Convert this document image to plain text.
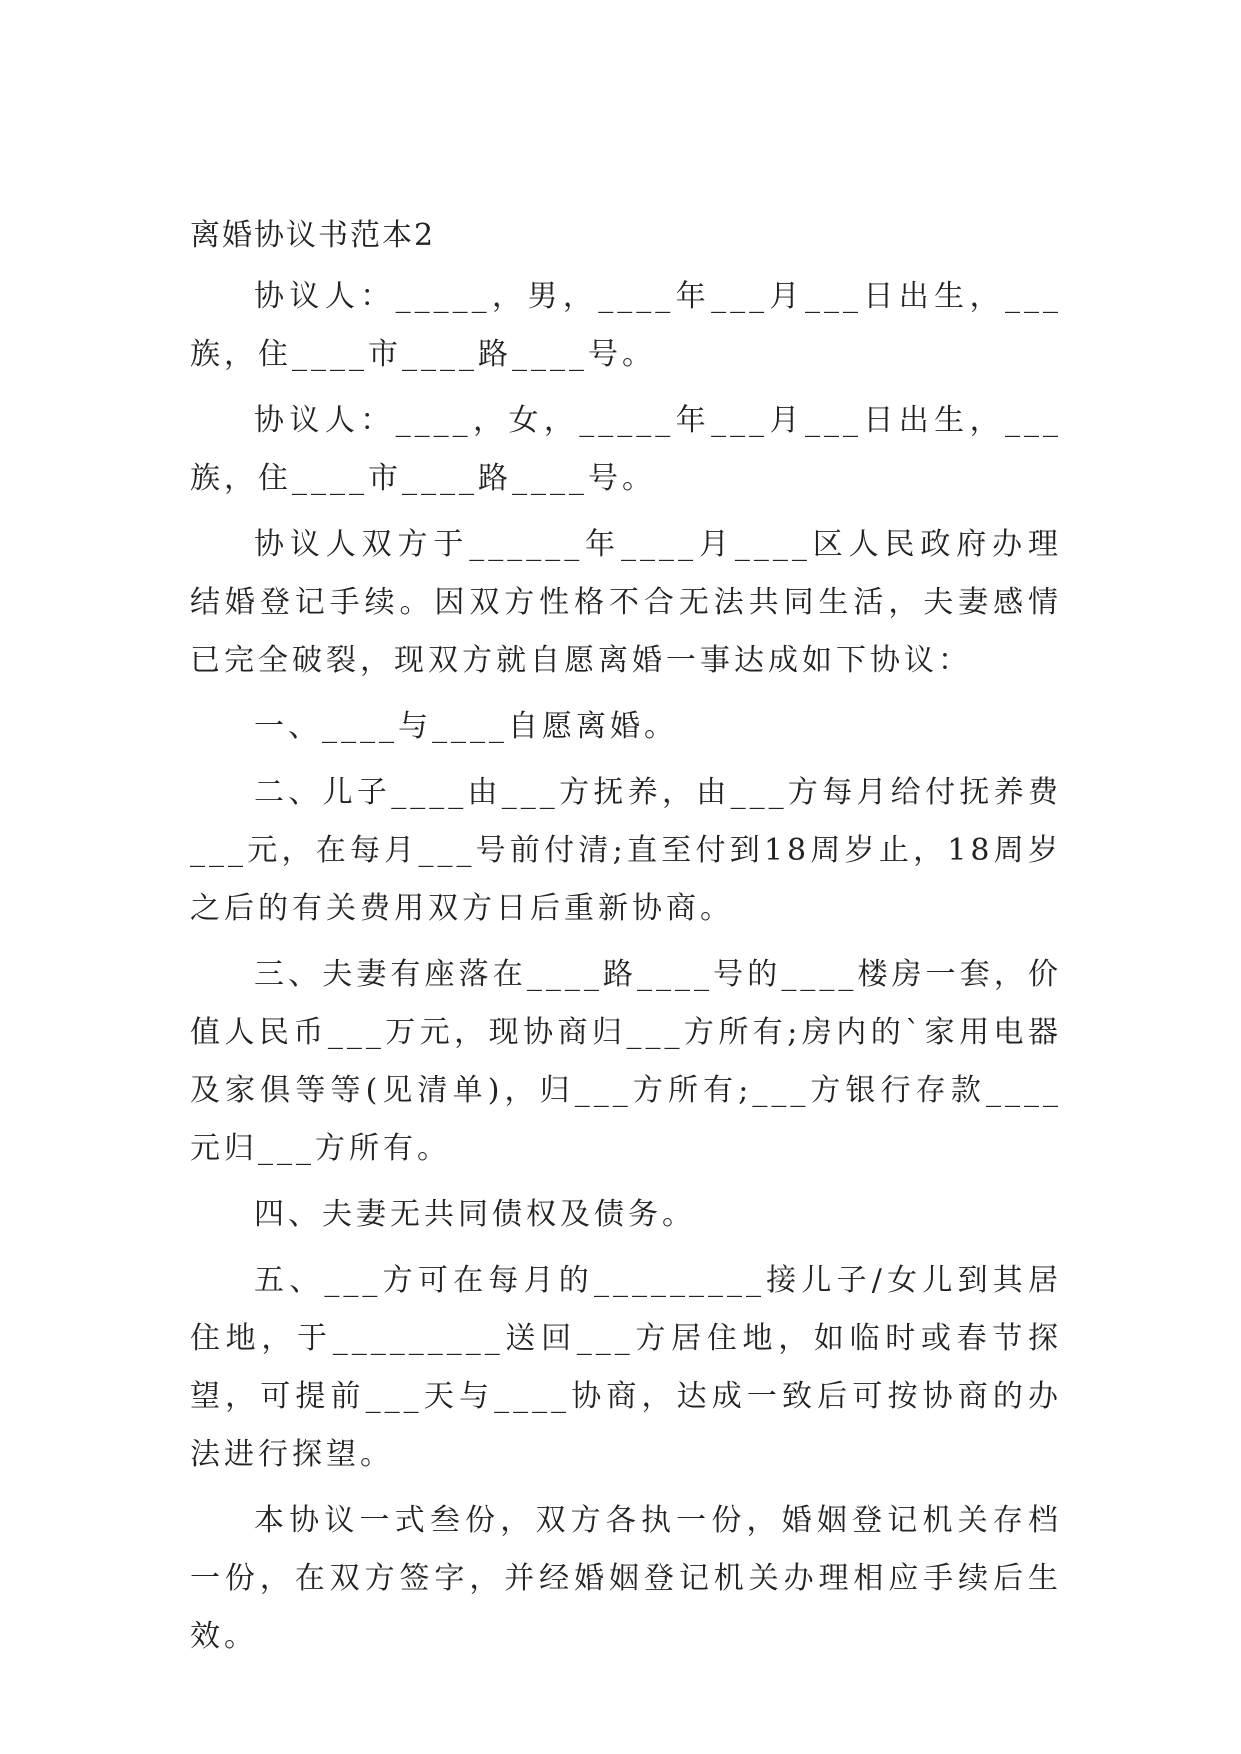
离婚协议书范本2

协议人：_____，男，____年___月___日出生，___族，住____市____路____号。

协议人：____，女，_____年___月___日出生，___族，住____市____路____号。

协议人双方于______年____月____区人民政府办理结婚登记手续。因双方性格不合无法共同生活，夫妻感情已完全破裂，现双方就自愿离婚一事达成如下协议：

一、____与____自愿离婚。

二、儿子____由___方抚养，由___方每月给付抚养费___元，在每月___号前付清;直至付到18周岁止，18周岁之后的有关费用双方日后重新协商。

三、夫妻有座落在____路____号的____楼房一套，价值人民币___万元，现协商归___方所有;房内的`家用电器及家俱等等(见清单)，归___方所有;___方银行存款____元归___方所有。

四、夫妻无共同债权及债务。

五、___方可在每月的_________接儿子/女儿到其居住地，于_________送回___方居住地，如临时或春节探望，可提前___天与____协商，达成一致后可按协商的办法进行探望。

本协议一式叁份，双方各执一份，婚姻登记机关存档一份，在双方签字，并经婚姻登记机关办理相应手续后生效。
